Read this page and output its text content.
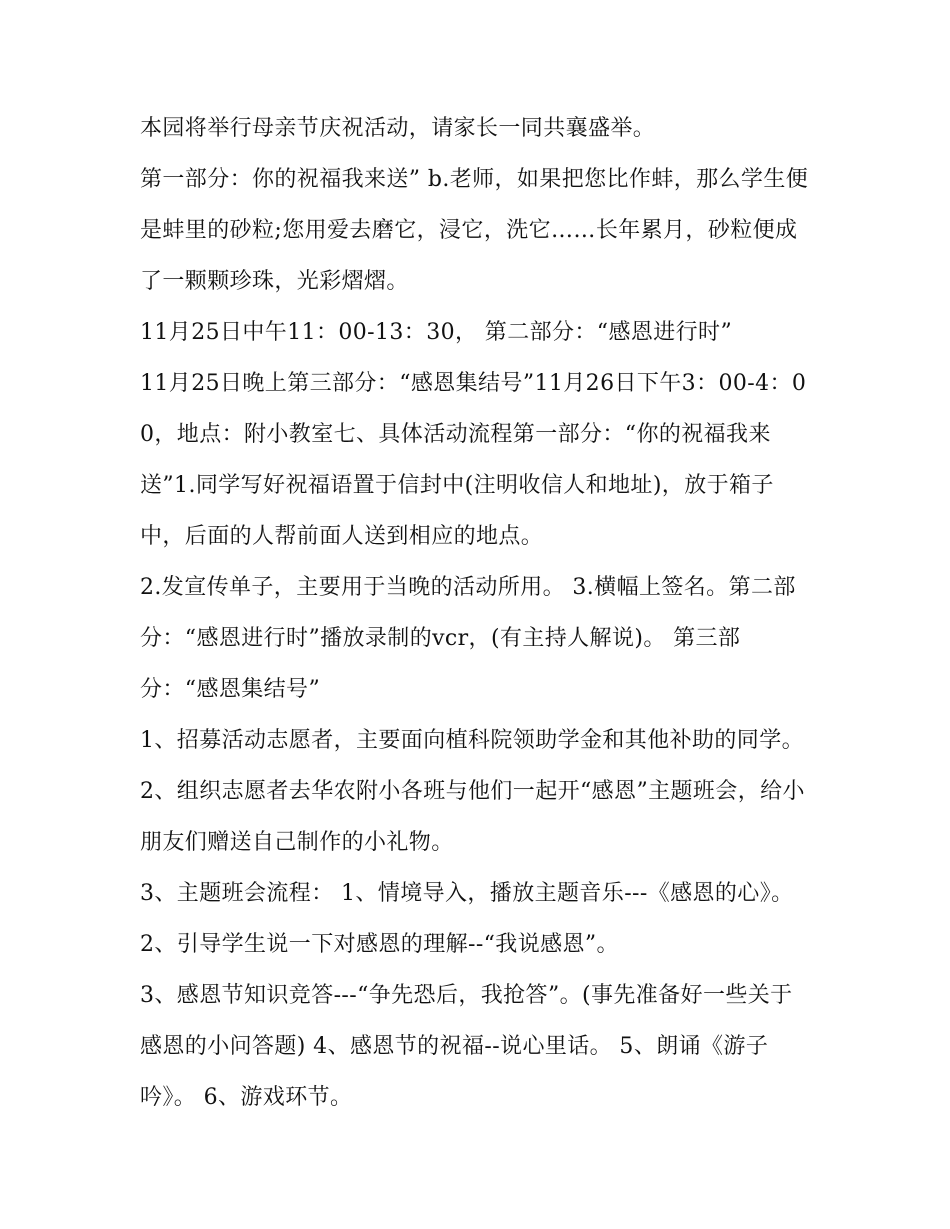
本园将举行母亲节庆祝活动，请家长一同共襄盛举。

第一部分：你的祝福我来送” b.老师，如果把您比作蚌，那么学生便是蚌里的砂粒;您用爱去磨它，浸它，洗它……长年累月，砂粒便成了一颗颗珍珠，光彩熠熠。

11月25日中午11：00-13：30， 第二部分：“感恩进行时”

11月25日晚上第三部分：“感恩集结号”11月26日下午3：00-4：00，地点：附小教室七、具体活动流程第一部分：“你的祝福我来送”1.同学写好祝福语置于信封中(注明收信人和地址)，放于箱子中，后面的人帮前面人送到相应的地点。

2.发宣传单子，主要用于当晚的活动所用。 3.横幅上签名。第二部分：“感恩进行时”播放录制的vcr，(有主持人解说)。 第三部分：“感恩集结号”

1、招募活动志愿者，主要面向植科院领助学金和其他补助的同学。 2、组织志愿者去华农附小各班与他们一起开“感恩”主题班会，给小朋友们赠送自己制作的小礼物。

3、主题班会流程： 1、情境导入，播放主题音乐---《感恩的心》。 2、引导学生说一下对感恩的理解--“我说感恩”。

3、感恩节知识竞答---“争先恐后，我抢答”。(事先准备好一些关于感恩的小问答题) 4、感恩节的祝福--说心里话。 5、朗诵《游子吟》。 6、游戏环节。
